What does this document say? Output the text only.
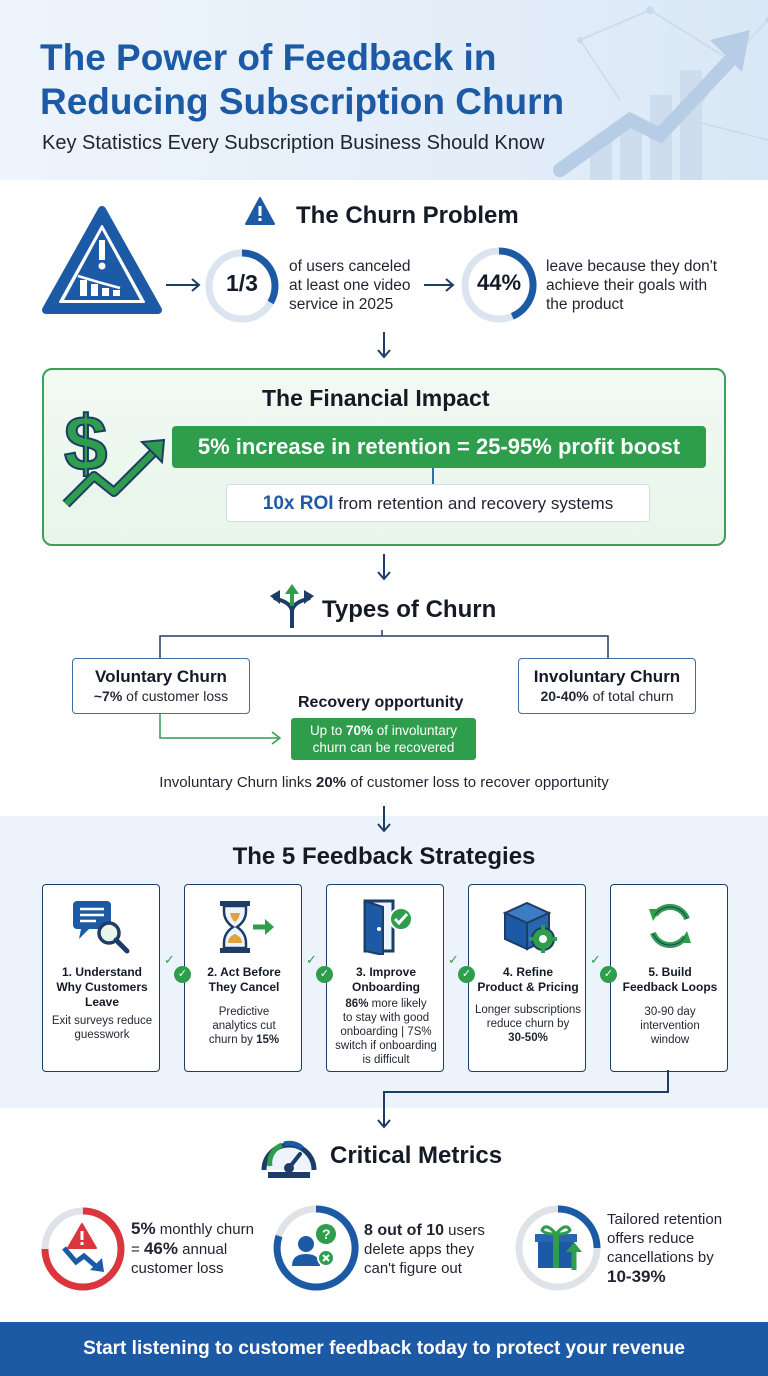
The Power of Feedback in
Reducing Subscription Churn
Key Statistics Every Subscription Business Should Know
The Churn Problem
1/3
of users canceled
at least one video
service in 2025
44%
leave because they don't
achieve their goals with
the product
$
The Financial Impact
5% increase in retention = 25-95% profit boost
10x ROI from retention and recovery systems
Types of Churn
Voluntary Churn
~7% of customer loss
Involuntary Churn
20-40% of total churn
Recovery opportunity
Up to 70% of involuntary
churn can be recovered
Involuntary Churn links 20% of customer loss to recover opportunity
The 5 Feedback Strategies
1. Understand
Why Customers
Leave
Exit surveys reduce
guesswork
2. Act Before
They Cancel
Predictive
analytics cut
churn by 15%
3. Improve
Onboarding
86% more likely
to stay with good
onboarding | 7S%
switch if onboarding
is difficult
4. Refine
Product & Pricing
Longer subscriptions
reduce churn by
30-50%
5. Build
Feedback Loops
30-90 day
intervention
window
✓
✓
✓
✓
✓
✓
✓
✓
Critical Metrics
5% monthly churn
= 46% annual
customer loss
? 8 out of 10 users
delete apps they
can't figure out
Tailored retention
offers reduce
cancellations by
10-39%
Start listening to customer feedback today to protect your revenue
